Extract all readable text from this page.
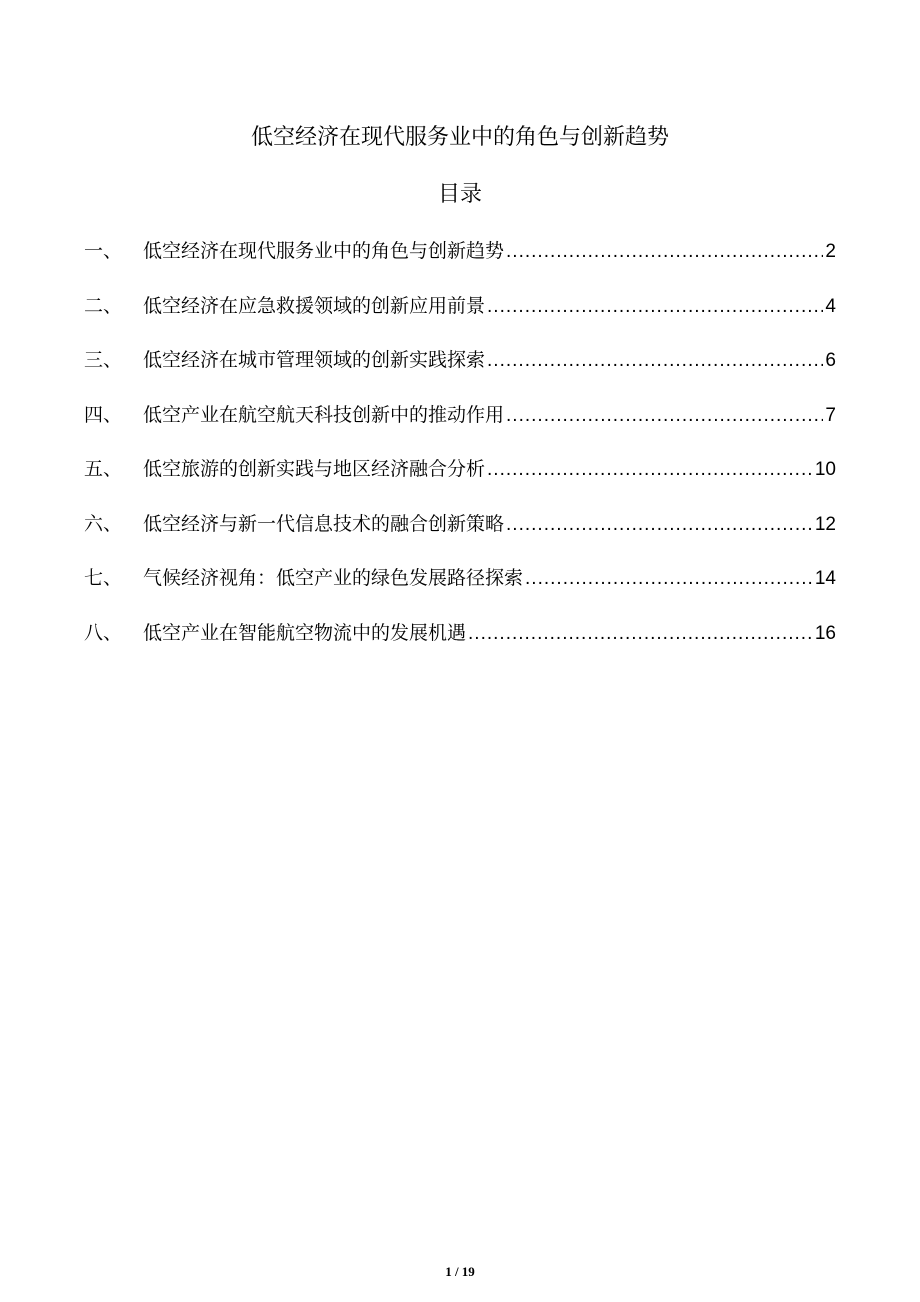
低空经济在现代服务业中的角色与创新趋势
目录
一、	低空经济在现代服务业中的角色与创新趋势 .....	2
二、	低空经济在应急救援领域的创新应用前景 .....	4
三、	低空经济在城市管理领域的创新实践探索 .....	6
四、	低空产业在航空航天科技创新中的推动作用 .....	7
五、	低空旅游的创新实践与地区经济融合分析 .....	10
六、	低空经济与新一代信息技术的融合创新策略 .....	12
七、	气候经济视角：低空产业的绿色发展路径探索 .....	14
八、	低空产业在智能航空物流中的发展机遇 .....	16
1 / 19
